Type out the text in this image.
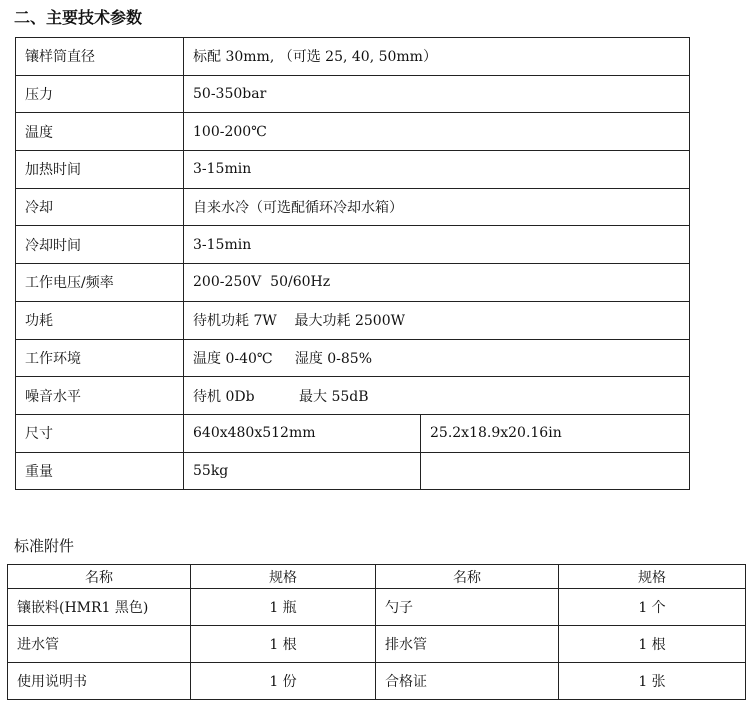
二、主要技术参数
镶样筒直径	标配 30mm, （可选 25, 40, 50mm）	
压力	50-350bar	
温度	100-200℃	
加热时间	3-15min	
冷却	自来水冷（可选配循环冷却水箱）	
冷却时间	3-15min	
工作电压/频率	200-250V  50/60Hz	
功耗	待机功耗 7W    最大功耗 2500W	
工作环境	温度 0-40℃     湿度 0-85%	
噪音水平	待机 0Db          最大 55dB	
尺寸	640x480x512mm	25.2x18.9x20.16in
重量	55kg	
标准附件
名称	规格	名称	规格
镶嵌料(HMR1 黑色)	1 瓶	勺子	1 个
进水管	1 根	排水管	1 根
使用说明书	1 份	合格证	1 张
